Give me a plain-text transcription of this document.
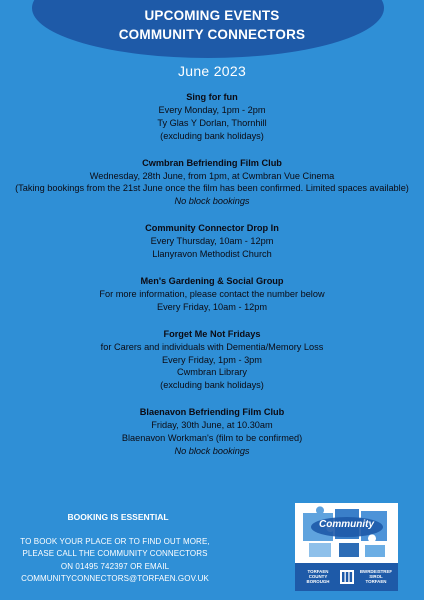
UPCOMING EVENTS
COMMUNITY CONNECTORS
June 2023
Sing for fun
Every Monday, 1pm - 2pm
Ty Glas Y Dorlan, Thornhill
(excluding bank holidays)
Cwmbran Befriending Film Club
Wednesday, 28th June, from 1pm, at Cwmbran Vue Cinema
(Taking bookings from the 21st June once the film has been confirmed. Limited spaces available)
No block bookings
Community Connector Drop In
Every Thursday, 10am - 12pm
Llanyravon Methodist Church
Men's Gardening & Social Group
For more information, please contact the number below
Every Friday, 10am - 12pm
Forget Me Not Fridays
for Carers and individuals with Dementia/Memory Loss
Every Friday, 1pm - 3pm
Cwmbran Library
(excluding bank holidays)
Blaenavon Befriending Film Club
Friday, 30th June, at 10.30am
Blaenavon Workman's (film to be confirmed)
No block bookings
BOOKING IS ESSENTIAL
TO BOOK YOUR PLACE OR TO FIND OUT MORE,
PLEASE CALL THE COMMUNITY CONNECTORS
ON 01495 742397 OR EMAIL
COMMUNITYCONNECTORS@TORFAEN.GOV.UK
Community
TORFAEN
COUNTY
BOROUGH
BWRDEISTREF
SIROL
TORFAEN
